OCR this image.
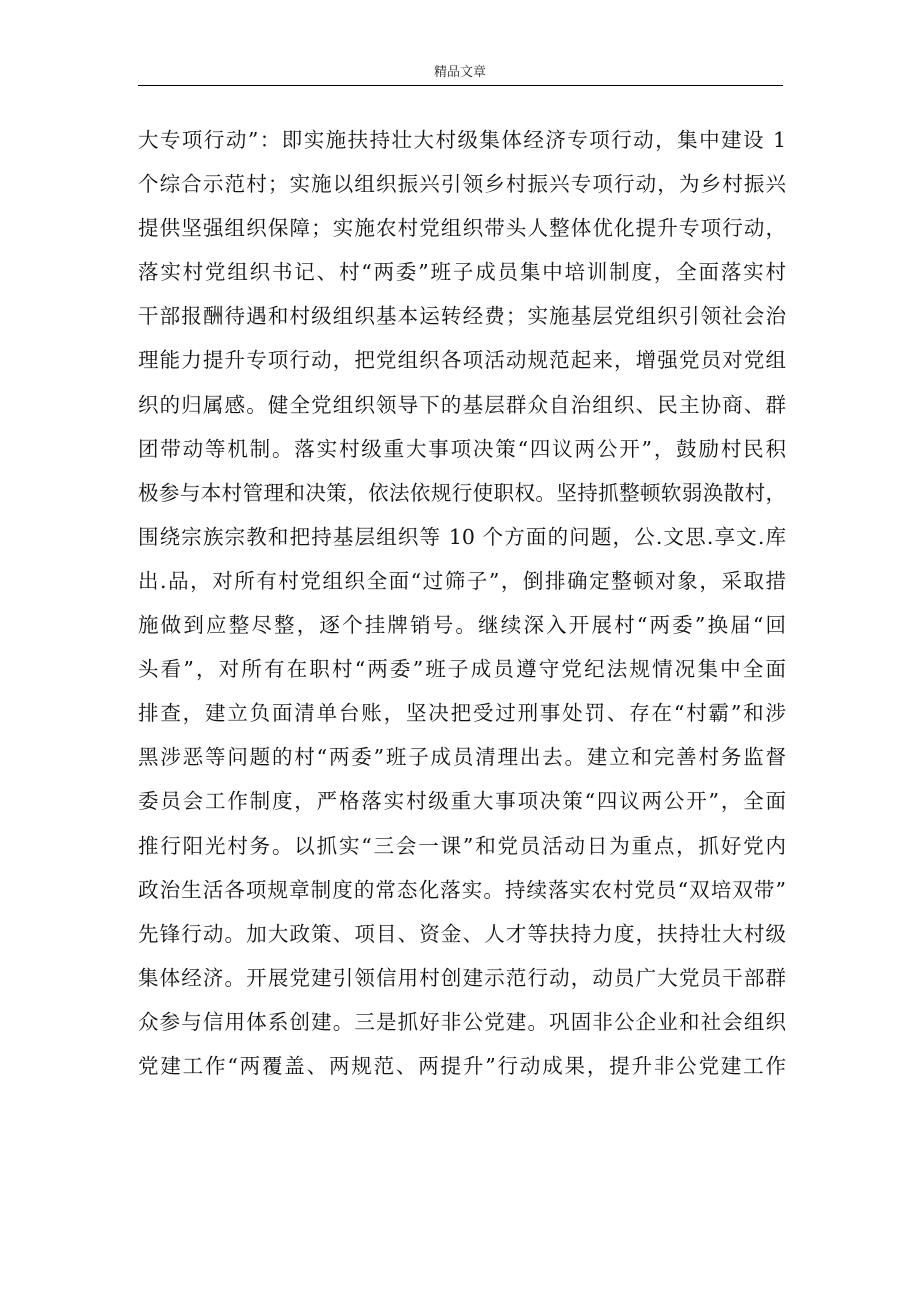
精品文章
大专项行动”：即实施扶持壮大村级集体经济专项行动，集中建设 1
个综合示范村；实施以组织振兴引领乡村振兴专项行动，为乡村振兴
提供坚强组织保障；实施农村党组织带头人整体优化提升专项行动，
落实村党组织书记、村“两委”班子成员集中培训制度，全面落实村
干部报酬待遇和村级组织基本运转经费；实施基层党组织引领社会治
理能力提升专项行动，把党组织各项活动规范起来，增强党员对党组
织的归属感。健全党组织领导下的基层群众自治组织、民主协商、群
团带动等机制。落实村级重大事项决策“四议两公开”，鼓励村民积
极参与本村管理和决策，依法依规行使职权。坚持抓整顿软弱涣散村，
围绕宗族宗教和把持基层组织等 10 个方面的问题，公.文思.享文.库
出.品，对所有村党组织全面“过筛子”，倒排确定整顿对象，采取措
施做到应整尽整，逐个挂牌销号。继续深入开展村“两委”换届“回
头看”，对所有在职村“两委”班子成员遵守党纪法规情况集中全面
排查，建立负面清单台账，坚决把受过刑事处罚、存在“村霸”和涉
黑涉恶等问题的村“两委”班子成员清理出去。建立和完善村务监督
委员会工作制度，严格落实村级重大事项决策“四议两公开”，全面
推行阳光村务。以抓实“三会一课”和党员活动日为重点，抓好党内
政治生活各项规章制度的常态化落实。持续落实农村党员“双培双带”
先锋行动。加大政策、项目、资金、人才等扶持力度，扶持壮大村级
集体经济。开展党建引领信用村创建示范行动，动员广大党员干部群
众参与信用体系创建。三是抓好非公党建。巩固非公企业和社会组织
党建工作“两覆盖、两规范、两提升”行动成果，提升非公党建工作
